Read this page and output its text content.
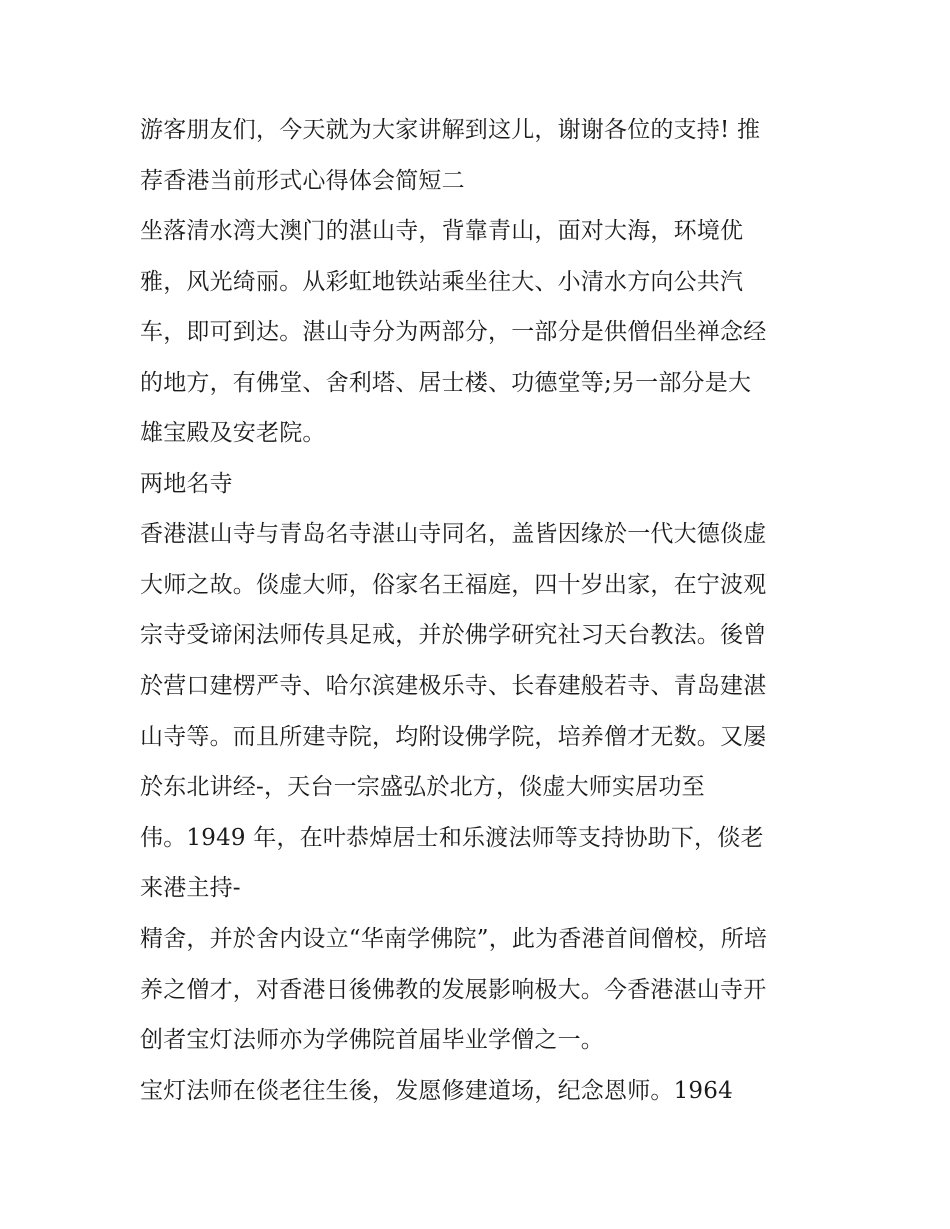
游客朋友们，今天就为大家讲解到这儿，谢谢各位的支持! 推
荐香港当前形式心得体会简短二
坐落清水湾大澳门的湛山寺，背靠青山，面对大海，环境优
雅，风光绮丽。从彩虹地铁站乘坐往大、小清水方向公共汽
车，即可到达。湛山寺分为两部分，一部分是供僧侣坐禅念经
的地方，有佛堂、舍利塔、居士楼、功德堂等;另一部分是大
雄宝殿及安老院。
两地名寺
香港湛山寺与青岛名寺湛山寺同名，盖皆因缘於一代大德倓虚
大师之故。倓虚大师，俗家名王福庭，四十岁出家，在宁波观
宗寺受谛闲法师传具足戒，并於佛学研究社习天台教法。後曾
於营口建楞严寺、哈尔滨建极乐寺、长春建般若寺、青岛建湛
山寺等。而且所建寺院，均附设佛学院，培养僧才无数。又屡
於东北讲经-，天台一宗盛弘於北方，倓虚大师实居功至
伟。1949 年，在叶恭焯居士和乐渡法师等支持协助下，倓老
来港主持-
精舍，并於舍内设立“华南学佛院”，此为香港首间僧校，所培
养之僧才，对香港日後佛教的发展影响极大。今香港湛山寺开
创者宝灯法师亦为学佛院首届毕业学僧之一。
宝灯法师在倓老往生後，发愿修建道场，纪念恩师。1964
